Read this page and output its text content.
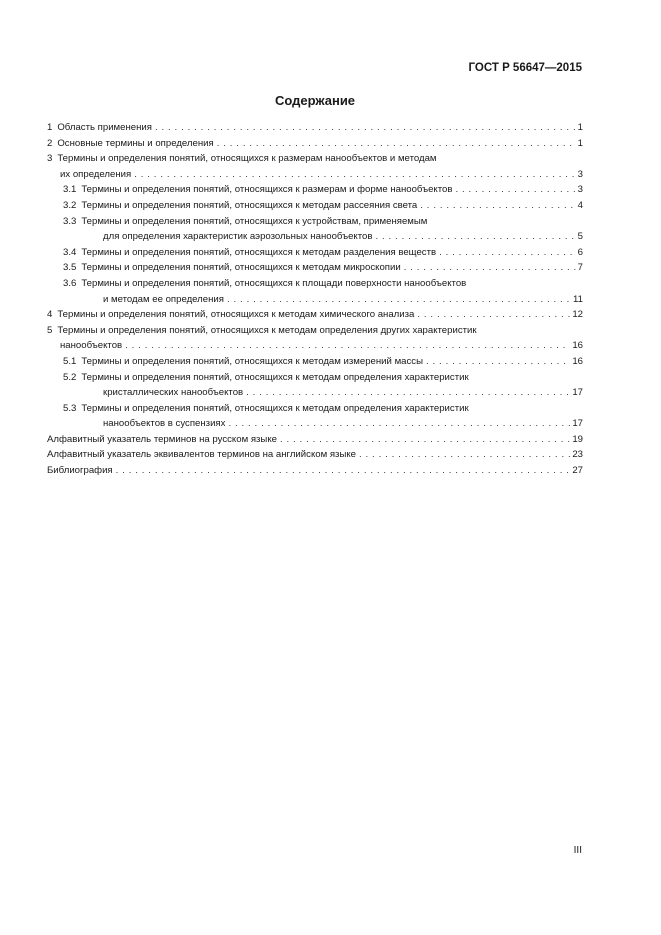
ГОСТ Р 56647—2015
Содержание
1 Область применения . . .	1
2 Основные термины и определения . . .	1
3 Термины и определения понятий, относящихся к размерам нанообъектов и методам
их определения . . .	3
3.1 Термины и определения понятий, относящихся к размерам и форме нанообъектов . . .	3
3.2 Термины и определения понятий, относящихся к методам рассеяния света . . .	4
3.3 Термины и определения понятий, относящихся к устройствам, применяемым
для определения характеристик аэрозольных нанообъектов . . .	5
3.4 Термины и определения понятий, относящихся к методам разделения веществ . . .	6
3.5 Термины и определения понятий, относящихся к методам микроскопии . . .	7
3.6 Термины и определения понятий, относящихся к площади поверхности нанообъектов
и методам ее определения . . .	11
4 Термины и определения понятий, относящихся к методам химического анализа . . .	12
5 Термины и определения понятий, относящихся к методам определения других характеристик
нанообъектов . . .	16
5.1 Термины и определения понятий, относящихся к методам измерений массы . . .	16
5.2 Термины и определения понятий, относящихся к методам определения характеристик
кристаллических нанообъектов . . .	17
5.3 Термины и определения понятий, относящихся к методам определения характеристик
нанообъектов в суспензиях . . .	17
Алфавитный указатель терминов на русском языке . . .	19
Алфавитный указатель эквивалентов терминов на английском языке . . .	23
Библиография . . .	27
III
